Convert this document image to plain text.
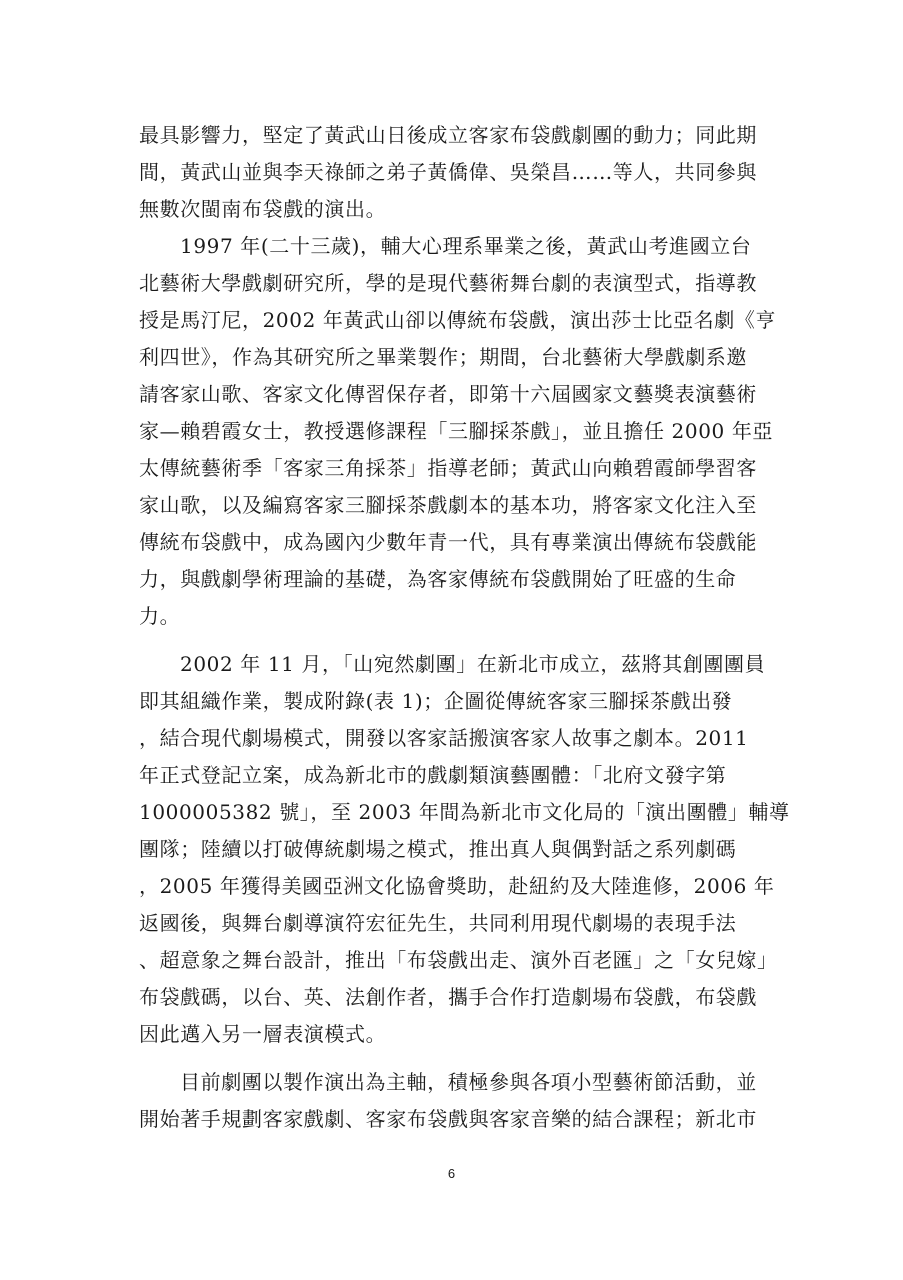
最具影響力，堅定了黃武山日後成立客家布袋戲劇團的動力；同此期
間，黃武山並與李天祿師之弟子黃僑偉、吳榮昌……等人，共同參與
無數次閩南布袋戲的演出。
1997 年(二十三歲)，輔大心理系畢業之後，黃武山考進國立台
北藝術大學戲劇研究所，學的是現代藝術舞台劇的表演型式，指導教
授是馬汀尼，2002 年黃武山卻以傳統布袋戲，演出莎士比亞名劇《亨
利四世》，作為其研究所之畢業製作；期間，台北藝術大學戲劇系邀
請客家山歌、客家文化傳習保存者，即第十六屆國家文藝獎表演藝術
家—賴碧霞女士，教授選修課程「三腳採茶戲」，並且擔任 2000 年亞
太傳統藝術季「客家三角採茶」指導老師；黃武山向賴碧霞師學習客
家山歌，以及編寫客家三腳採茶戲劇本的基本功，將客家文化注入至
傳統布袋戲中，成為國內少數年青一代，具有專業演出傳統布袋戲能
力，與戲劇學術理論的基礎，為客家傳統布袋戲開始了旺盛的生命
力。
2002 年 11 月，「山宛然劇團」在新北市成立，茲將其創團團員
即其組織作業，製成附錄(表 1)；企圖從傳統客家三腳採茶戲出發
，結合現代劇場模式，開發以客家話搬演客家人故事之劇本。2011
年正式登記立案，成為新北市的戲劇類演藝團體：「北府文發字第
1000005382 號」，至 2003 年間為新北市文化局的「演出團體」輔導
團隊；陸續以打破傳統劇場之模式，推出真人與偶對話之系列劇碼
，2005 年獲得美國亞洲文化協會獎助，赴紐約及大陸進修，2006 年
返國後，與舞台劇導演符宏征先生，共同利用現代劇場的表現手法
、超意象之舞台設計，推出「布袋戲出走、演外百老匯」之「女兒嫁」
布袋戲碼，以台、英、法創作者，攜手合作打造劇場布袋戲，布袋戲
因此邁入另一層表演模式。
目前劇團以製作演出為主軸，積極參與各項小型藝術節活動，並
開始著手規劃客家戲劇、客家布袋戲與客家音樂的結合課程；新北市
6
